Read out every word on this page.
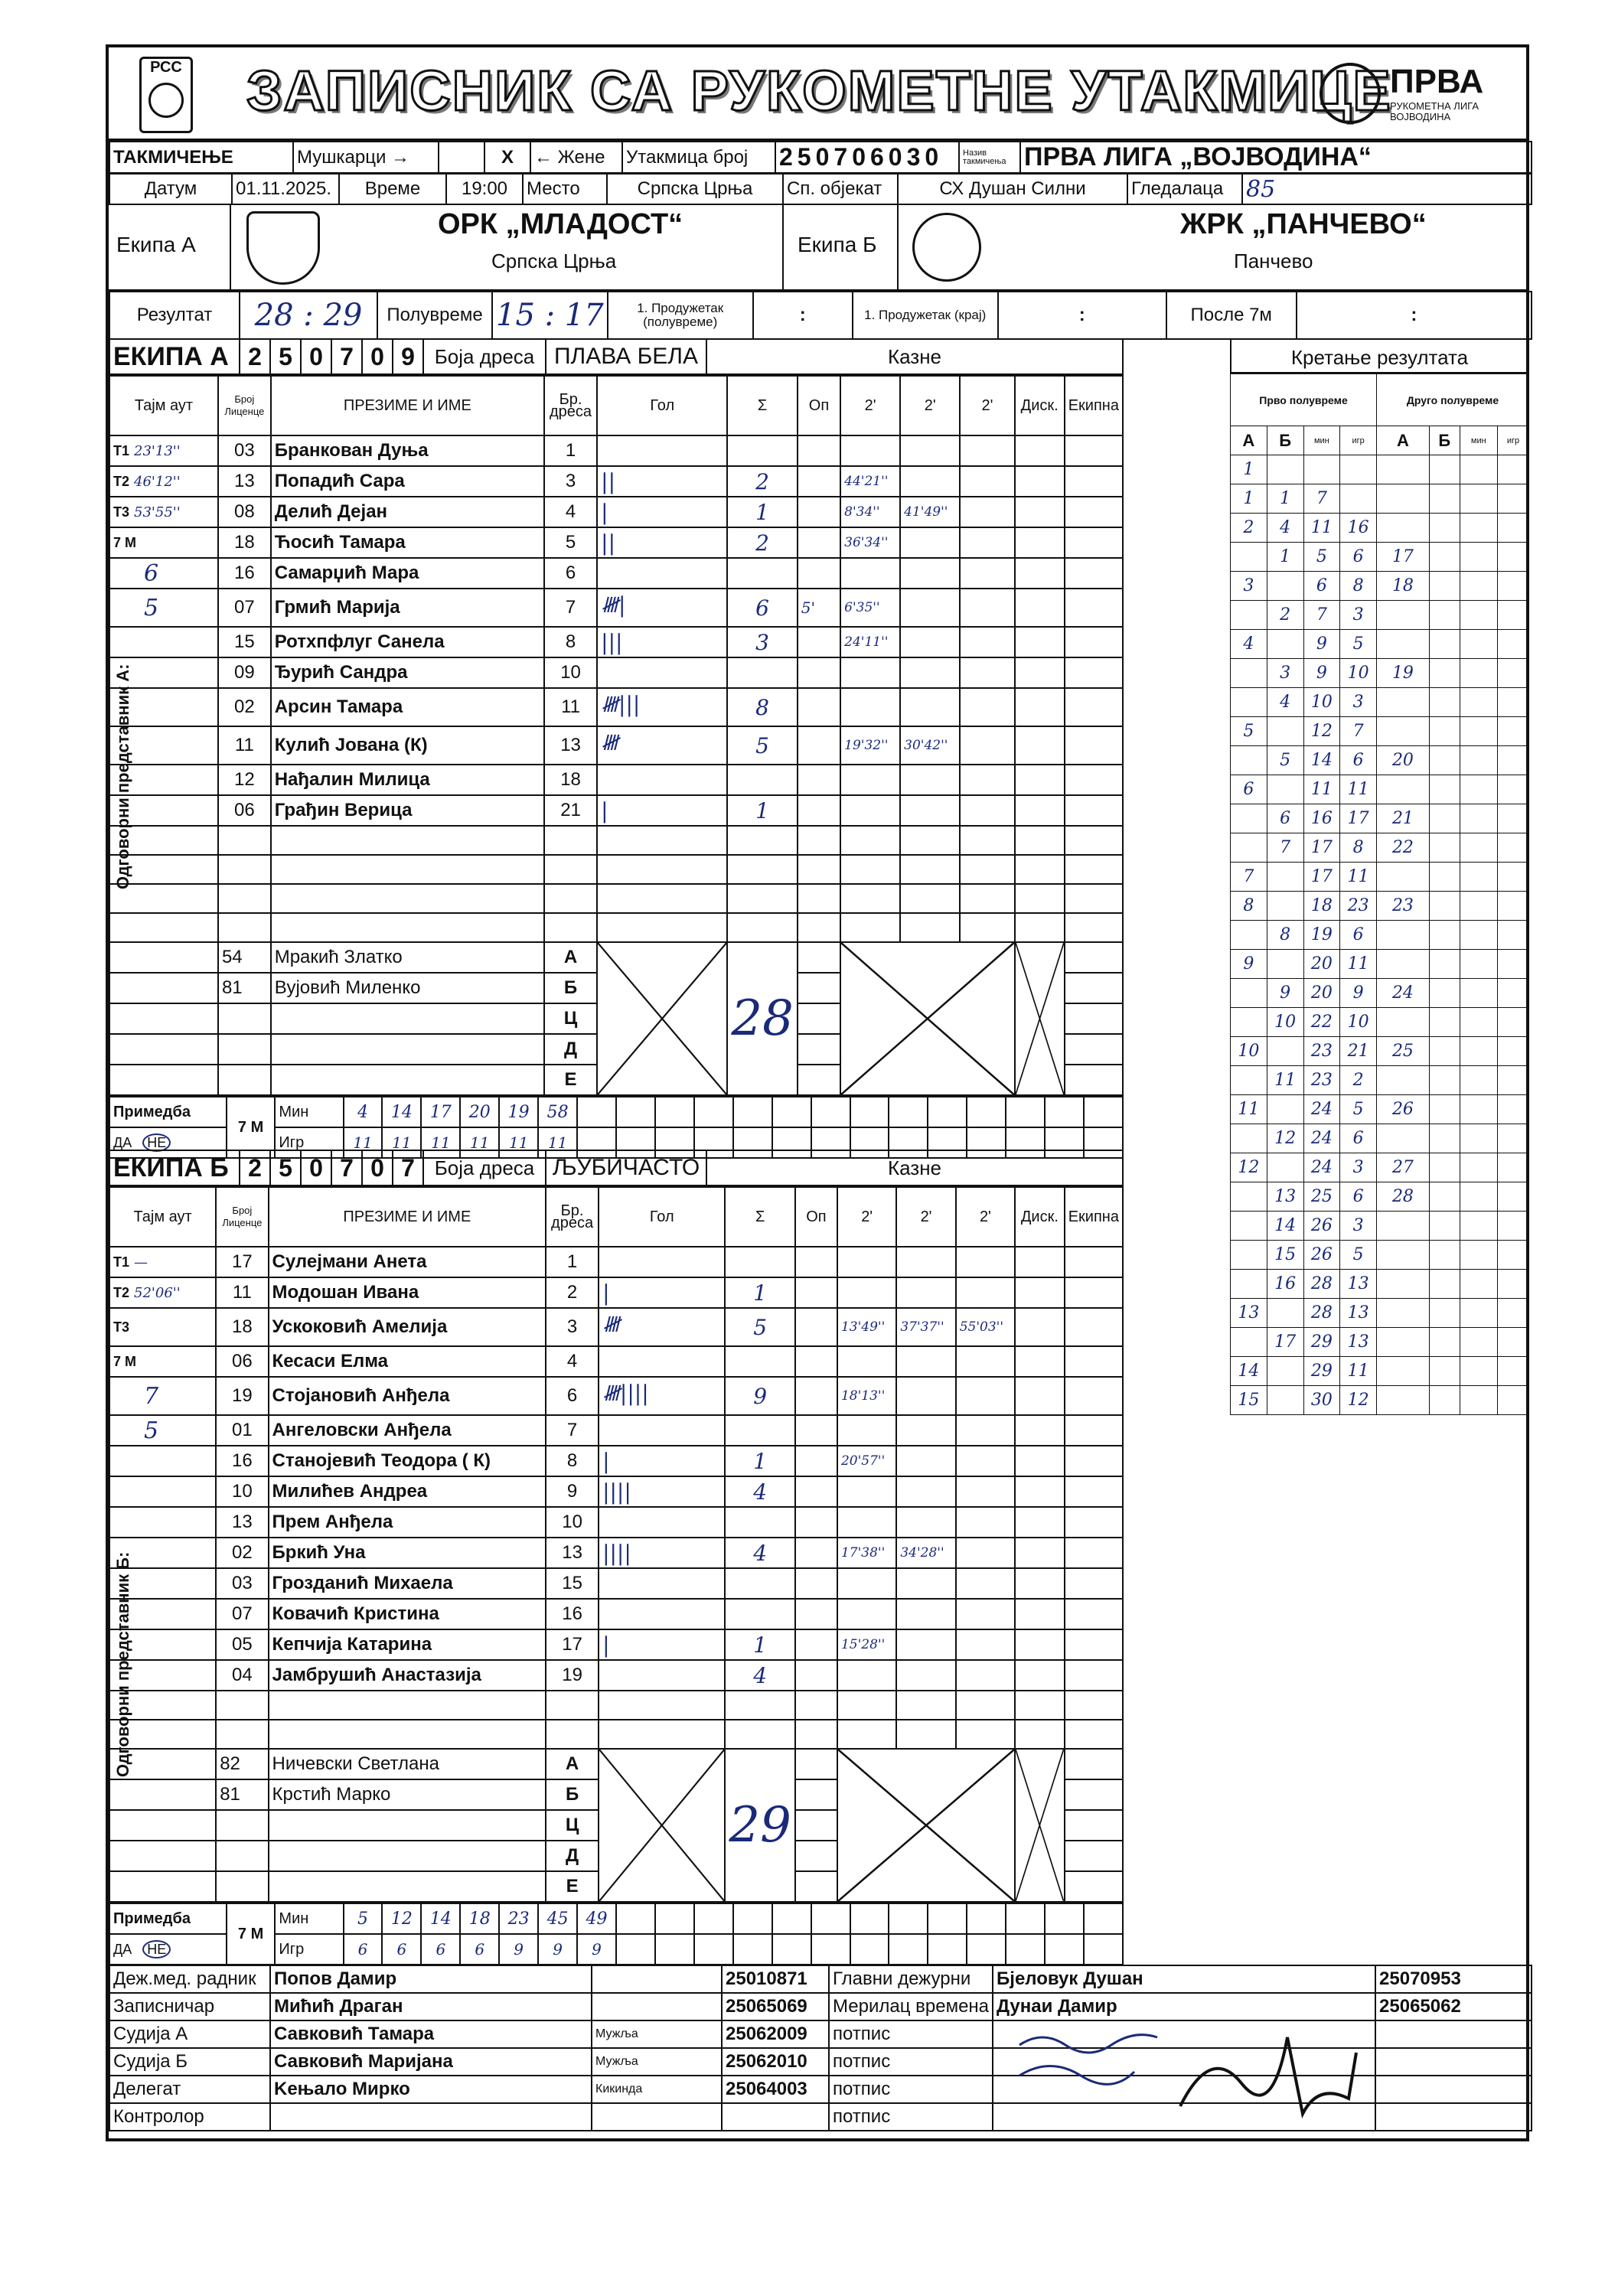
РСС ЗАПИСНИК СА РУКОМЕТНЕ УТАКМИЦЕ
ПРВА
РУКОМЕТНА ЛИГА ВОЈВОДИНА
ТАКМИЧЕЊЕ	Мушкарци →		X	← Жене	Утакмица број	250706030	Назив такмичења	ПРВА ЛИГА „ВОЈВОДИНА“
Датум	01.11.2025.	Време	19:00	Место	Српска Црња	Сп. објекат	СХ Душан Силни	Гледалаца	85
Екипа А
ОРК „МЛАДОСТ“
Српска Црња
Екипа Б
ЖРК „ПАНЧЕВО“
Панчево
Резултат	28 : 29	Полувреме	15 : 17	1. Продужетак (полувреме)	:	1. Продужетак (крај)	:	После 7м	:
ЕКИПА А	2	5	0	7	0	9	Боја дреса	ПЛАВА БЕЛА	Казне
Тајм аут	Број Лиценце	ПРЕЗИМЕ И ИМЕ	Бр. дреса	Гол	Σ	Оп	2'	2'	2'	Диск.	Екипна
T1 23'13''	03	Бранкован Дуња	1								
T2 46'12''	13	Попадић Сара	3	||	2		44'21''				
T3 53'55''	08	Делић Дејан	4	|	1		8'34''	41'49''			
7 М	18	Ћосић Тамара	5	||	2		36'34''				
6	16	Самарџић Мара	6								
5	07	Грмић Марија	7	𝍸|	6	5'	6'35''				
	15	Ротхпфлуг Санела	8	|||	3		24'11''				
	09	Ђурић Сандра	10								
	02	Арсин Тамара	11	𝍸|||	8						
	11	Кулић Јована (К)	13	𝍸	5		19'32''	30'42''			
	12	Нађалин Милица	18								
	06	Грађин Верица	21	|	1						

	54	Мракић Златко	А		28		

	81	Вујовић Миленко	Б								
			Ц								
			Д								
			Е								
Примедба	7 М	Мин	4	14	17	20	19	58														
ДА НЕ		Игр	11	11	11	11	11	11														
Одговорни представник А:
ЕКИПА Б	2	5	0	7	0	7	Боја дреса	ЉУБИЧАСТО	Казне
Тајм аут	Број Лиценце	ПРЕЗИМЕ И ИМЕ	Бр. дреса	Гол	Σ	Оп	2'	2'	2'	Диск.	Екипна
T1 —	17	Сулејмани Анета	1								
T2 52'06''	11	Модошан Ивана	2	|	1						
T3	18	Ускоковић Амелија	3	𝍸	5		13'49''	37'37''	55'03''		
7 М	06	Кесаси Елма	4								
7	19	Стојановић Анђела	6	𝍸||||	9		18'13''				
5	01	Ангеловски Анђела	7								
	16	Станојевић Теодора ( К)	8	|	1		20'57''				
	10	Милићев Андреа	9	||||	4						
	13	Прем Анђела	10								
	02	Бркић Уна	13	||||	4		17'38''	34'28''			
	03	Грозданић Михаела	15								
	07	Ковачић Кристина	16								
	05	Кепчија Катарина	17	|	1		15'28''				
	04	Јамбрушић Анастазија	19		4						

	82	Ничевски Светлана	А		29		

	81	Крстић Марко	Б								
			Ц								
			Д								
			Е								
Примедба	7 М	Мин	5	12	14	18	23	45	49													
ДА НЕ		Игр	6	6	6	6	9	9	9													
Одговорни представник Б:
Кретање резултата
Прво полувреме				Друго полувреме			
А	Б	мин	игр	А	Б	мин	игр
1							
1	1	7					
2	4	11	16				
	1	5	6	17			
3		6	8	18			
	2	7	3				
4		9	5				
	3	9	10	19			
	4	10	3				
5		12	7				
	5	14	6	20			
6		11	11				
	6	16	17	21			
	7	17	8	22			
7		17	11				
8		18	23	23			
	8	19	6				
9		20	11				
	9	20	9	24			
	10	22	10				
10		23	21	25			
	11	23	2				
11		24	5	26			
	12	24	6				
12		24	3	27			
	13	25	6	28			
	14	26	3				
	15	26	5				
	16	28	13				
13		28	13				
	17	29	13				
14		29	11				
15		30	12				
Деж.мед. радник	Попов Дамир		25010871	Главни дежурни	Бјеловук Душан	25070953
Записничар	Мићић Драган		25065069	Мерилац времена	Дунаи Дамир	25065062
Судија А	Савковић Тамара	Мужља	25062009	потпис		
Судија Б	Савковић Маријана	Мужља	25062010	потпис		
Делегат	Keњало Мирко	Кикинда	25064003	потпис		
Контролор				потпис		
